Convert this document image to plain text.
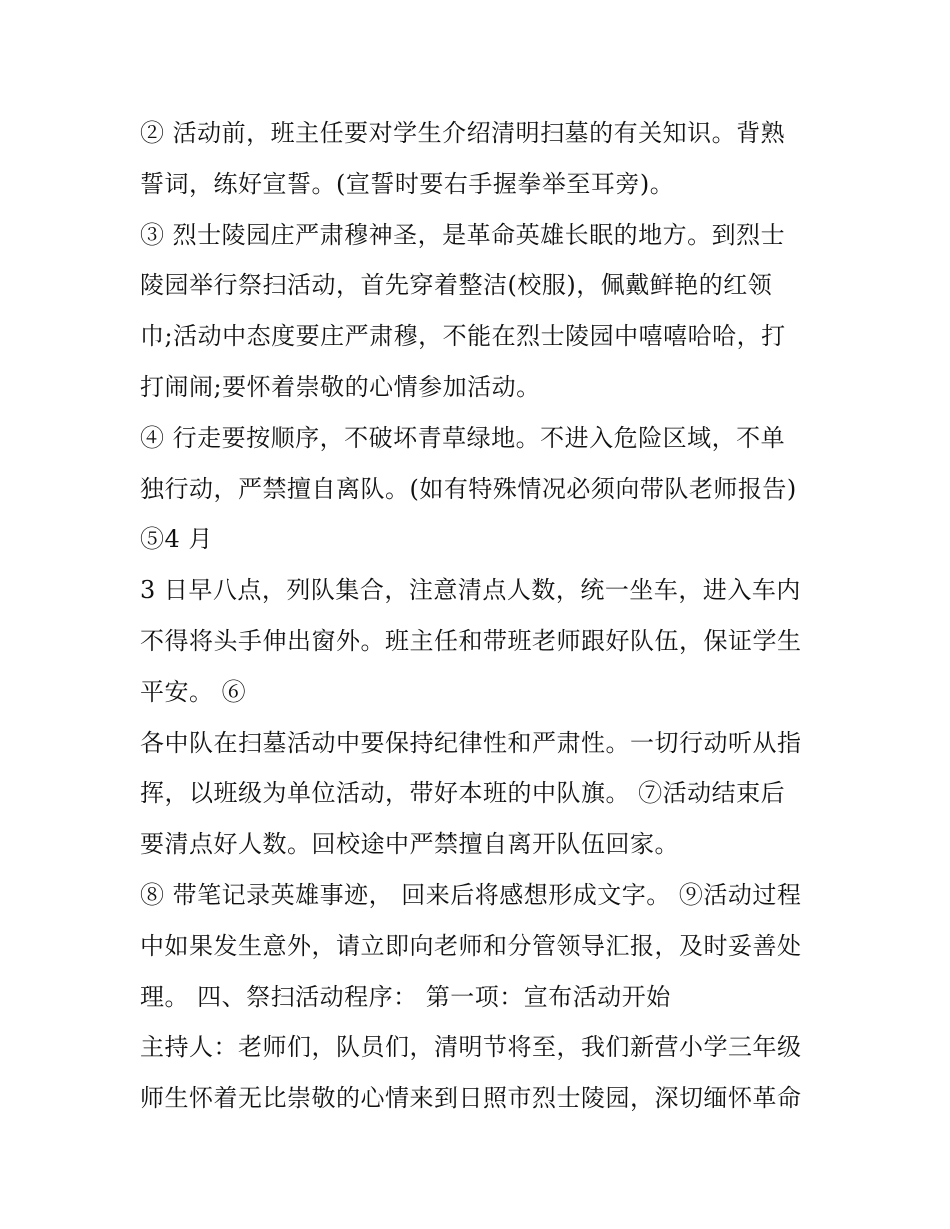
② 活动前，班主任要对学生介绍清明扫墓的有关知识。背熟
誓词，练好宣誓。(宣誓时要右手握拳举至耳旁)。
③ 烈士陵园庄严肃穆神圣，是革命英雄长眠的地方。到烈士
陵园举行祭扫活动，首先穿着整洁(校服)，佩戴鲜艳的红领
巾;活动中态度要庄严肃穆，不能在烈士陵园中嘻嘻哈哈，打
打闹闹;要怀着崇敬的心情参加活动。
④ 行走要按顺序，不破坏青草绿地。不进入危险区域，不单
独行动，严禁擅自离队。(如有特殊情况必须向带队老师报告)
⑤4 月
3 日早八点，列队集合，注意清点人数，统一坐车，进入车内
不得将头手伸出窗外。班主任和带班老师跟好队伍，保证学生
平安。 ⑥
各中队在扫墓活动中要保持纪律性和严肃性。一切行动听从指
挥，以班级为单位活动，带好本班的中队旗。 ⑦活动结束后
要清点好人数。回校途中严禁擅自离开队伍回家。
⑧ 带笔记录英雄事迹， 回来后将感想形成文字。 ⑨活动过程
中如果发生意外，请立即向老师和分管领导汇报，及时妥善处
理。 四、祭扫活动程序： 第一项：宣布活动开始
主持人：老师们，队员们，清明节将至，我们新营小学三年级
师生怀着无比崇敬的心情来到日照市烈士陵园，深切缅怀革命
